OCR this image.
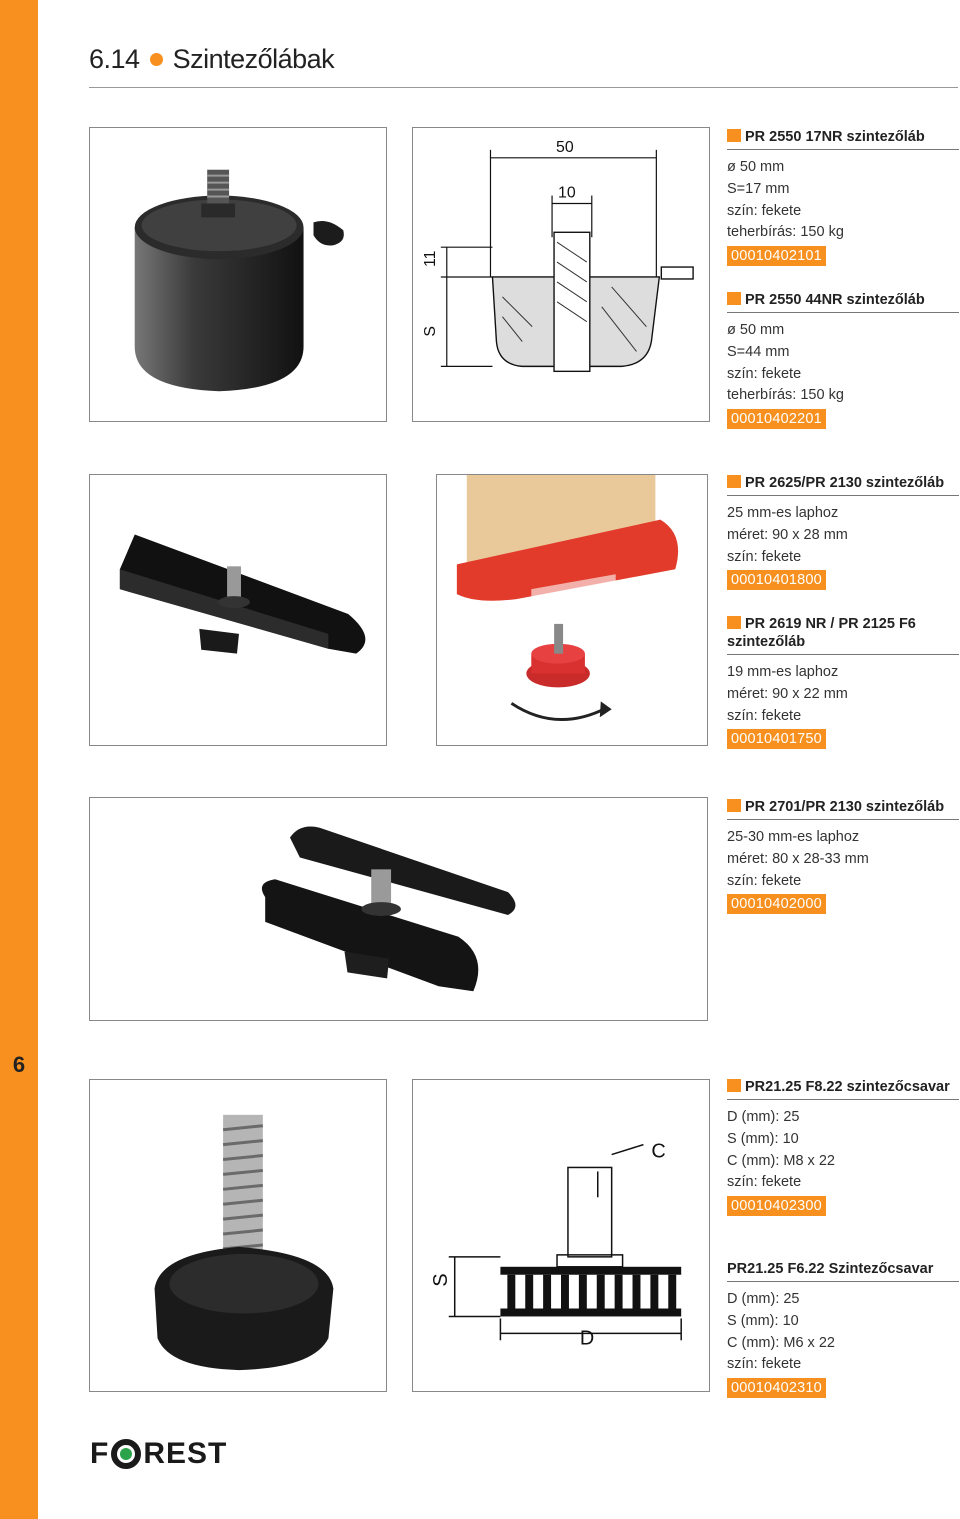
6
6.14 Szintezőlábak
50
10
11
S
C
S
D
PR 2550 17NR szintezőláb
ø 50 mm
S=17 mm
szín: fekete
teherbírás: 150 kg
00010402101
PR 2550 44NR szintezőláb
ø 50 mm
S=44 mm
szín: fekete
teherbírás: 150 kg
00010402201
PR 2625/PR 2130 szintezőláb
25 mm-es laphoz
méret: 90 x 28 mm
szín: fekete
00010401800
PR 2619 NR / PR 2125 F6
szintezőláb
19 mm-es laphoz
méret: 90 x 22 mm
szín: fekete
00010401750
PR 2701/PR 2130 szintezőláb
25-30 mm-es laphoz
méret: 80 x 28-33 mm
szín: fekete
00010402000
PR21.25 F8.22 szintezőcsavar
D (mm): 25
S (mm): 10
C (mm): M8 x 22
szín: fekete
00010402300
PR21.25 F6.22 Szintezőcsavar
D (mm): 25
S (mm): 10
C (mm): M6 x 22
szín: fekete
00010402310
F REST
